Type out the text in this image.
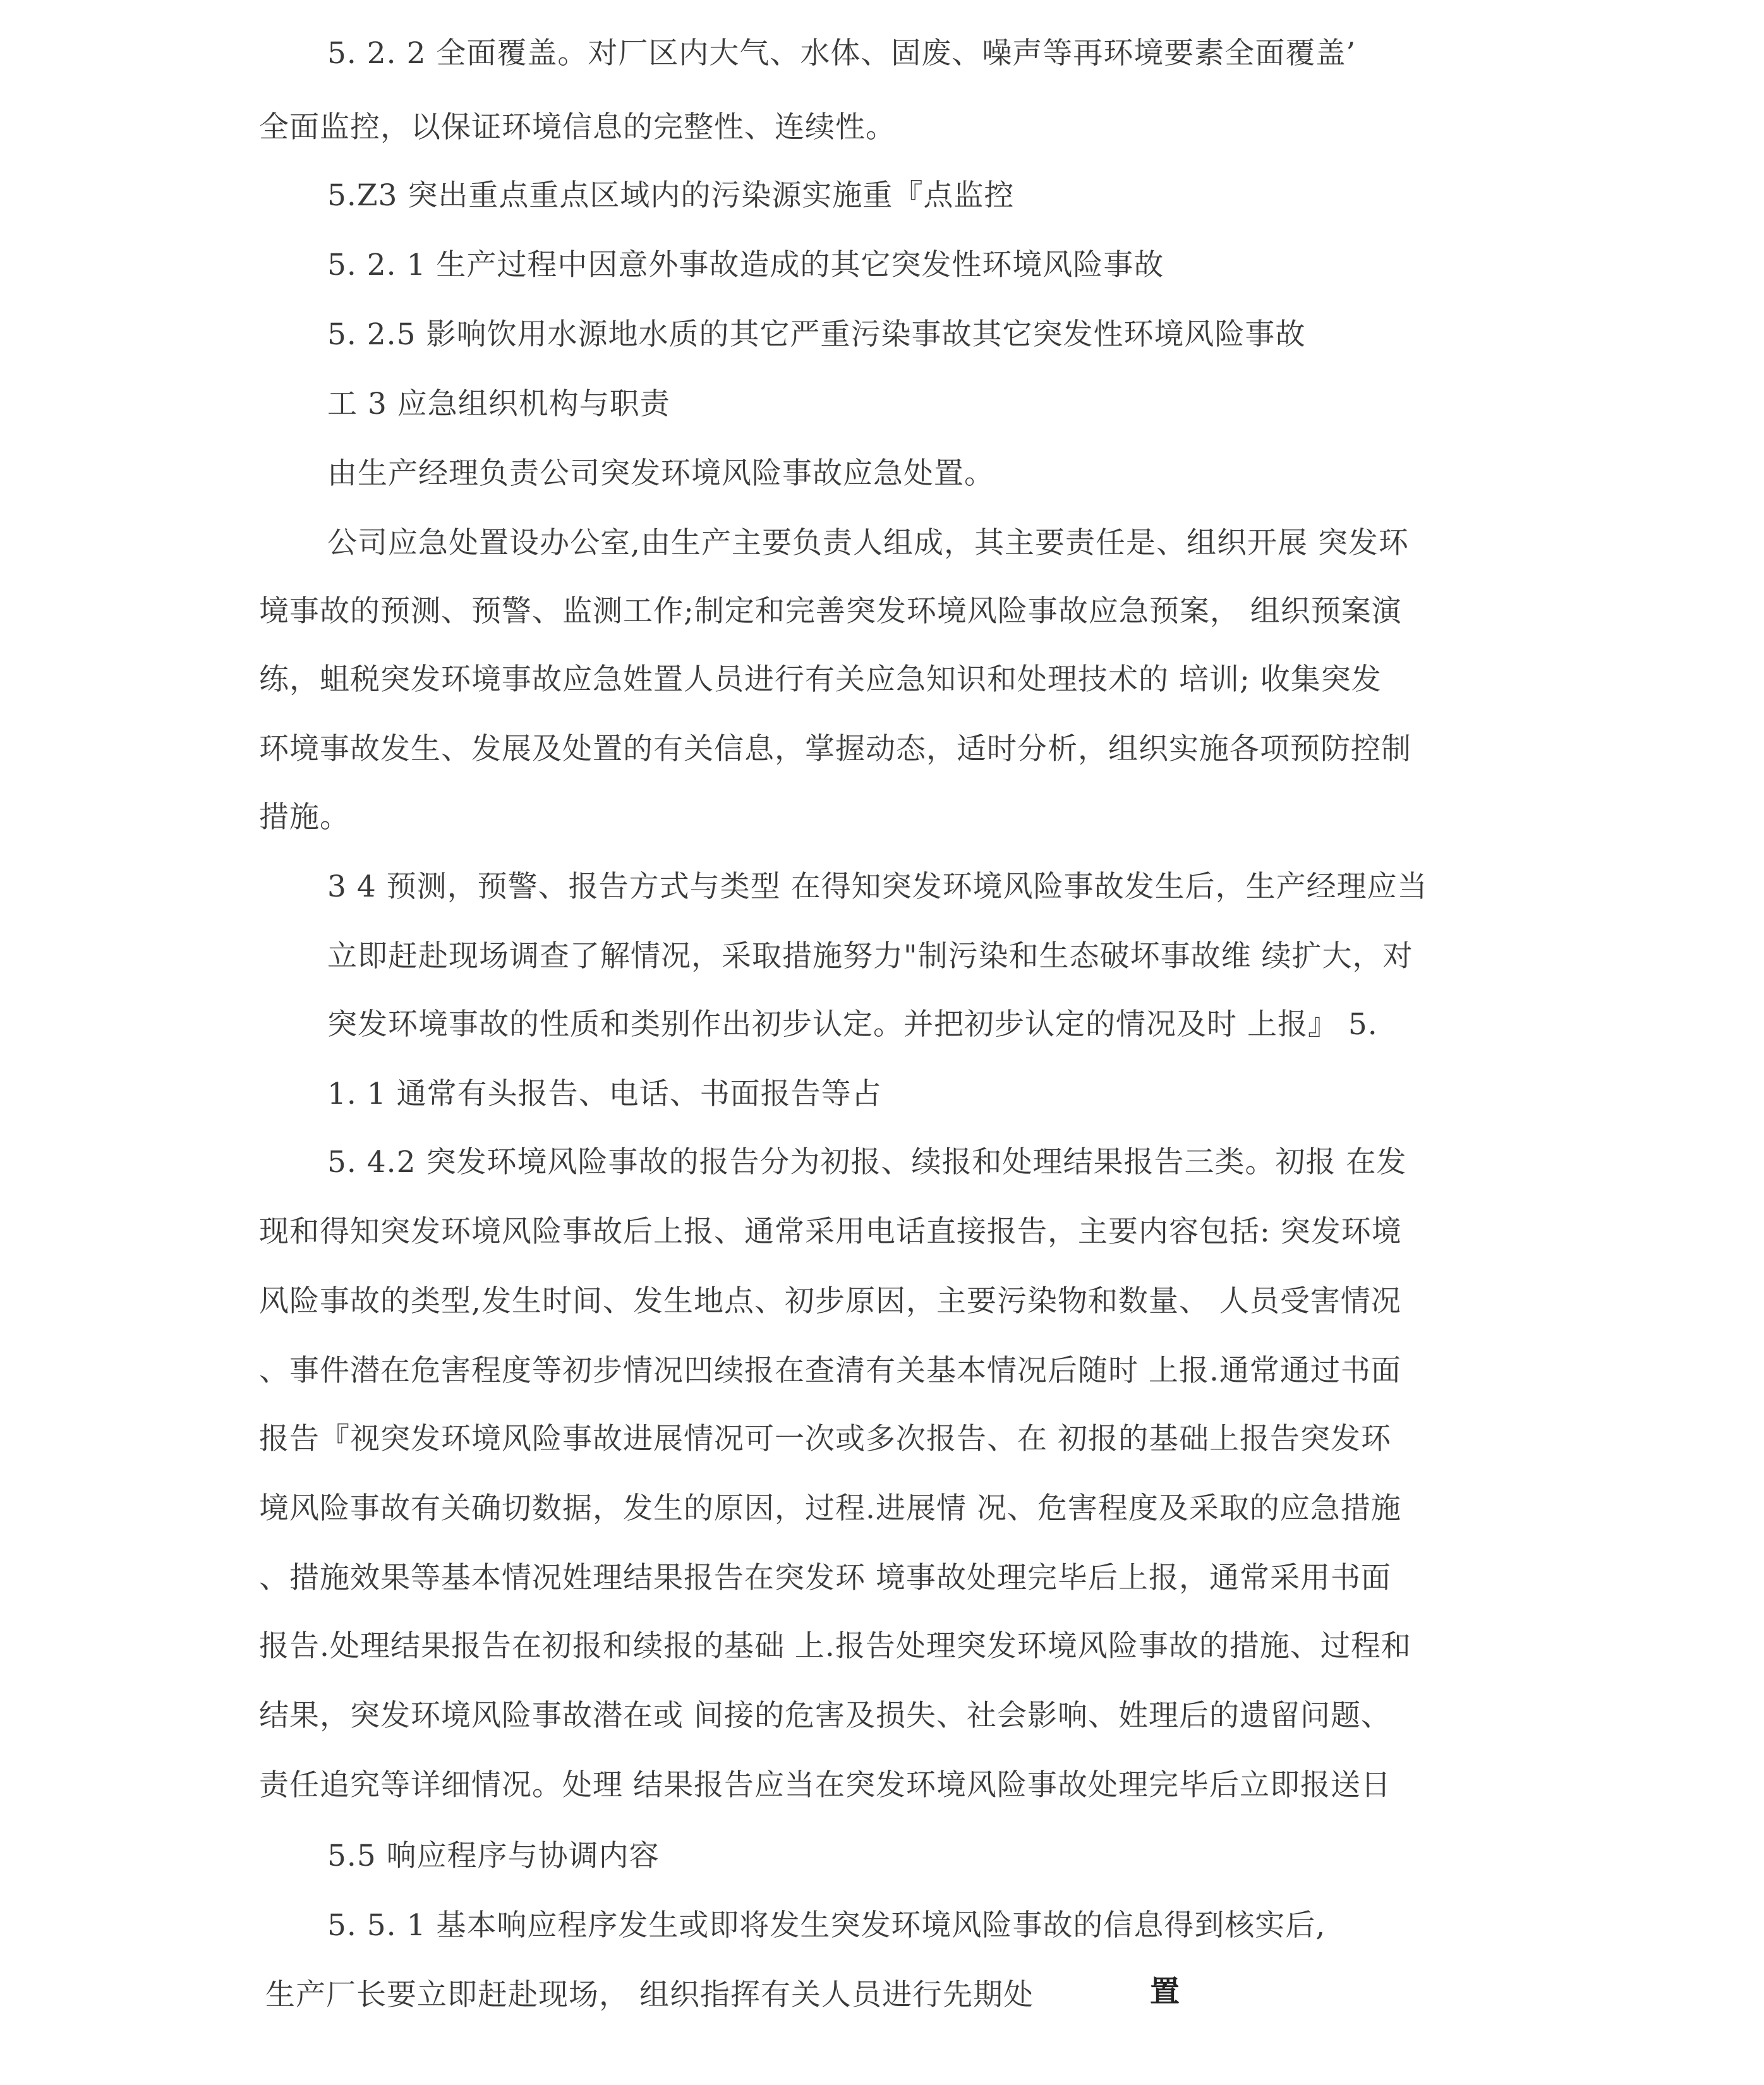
5. 2. 2 全面覆盖。对厂区内大气、水体、固废、噪声等再环境要素全面覆盖’
全面监控，以保证环境信息的完整性、连续性。
5.Z3 突出重点重点区域内的污染源实施重『点监控
5. 2. 1 生产过程中因意外事故造成的其它突发性环境风险事故
5. 2.5 影响饮用水源地水质的其它严重污染事故其它突发性环境风险事故
工 3 应急组织机构与职责
由生产经理负责公司突发环境风险事故应急处置。
公司应急处置设办公室,由生产主要负责人组成，其主要责任是、组织开展 突发环
境事故的预测、预警、监测工作;制定和完善突发环境风险事故应急预案， 组织预案演
练，蛆税突发环境事故应急姓置人员进行有关应急知识和处理技术的 培训; 收集突发
环境事故发生、发展及处置的有关信息，掌握动态，适时分析，组织实施各项预防控制
措施。
3 4 预测，预警、报告方式与类型 在得知突发环境风险事故发生后，生产经理应当
立即赶赴现场调查了解情况，采取措施努力"制污染和生态破坏事故维 续扩大，对
突发环境事故的性质和类别作出初步认定。并把初步认定的情况及时 上报』 5.
1. 1 通常有头报告、电话、书面报告等占
5. 4.2 突发环境风险事故的报告分为初报、续报和处理结果报告三类。初报 在发
现和得知突发环境风险事故后上报、通常采用电话直接报告，主要内容包括: 突发环境
风险事故的类型,发生时间、发生地点、初步原因，主要污染物和数量、 人员受害情况
、事件潜在危害程度等初步情况凹续报在查清有关基本情况后随时 上报.通常通过书面
报告『视突发环境风险事故进展情况可一次或多次报告、在 初报的基础上报告突发环
境风险事故有关确切数据，发生的原因，过程.进展情 况、危害程度及采取的应急措施
、措施效果等基本情况姓理结果报告在突发环 境事故处理完毕后上报，通常采用书面
报告.处理结果报告在初报和续报的基础 上.报告处理突发环境风险事故的措施、过程和
结果，突发环境风险事故潜在或 间接的危害及损失、社会影响、姓理后的遗留问题、
责任追究等详细情况。处理 结果报告应当在突发环境风险事故处理完毕后立即报送日
5.5 响应程序与协调内容
5. 5. 1 基本响应程序发生或即将发生突发环境风险事故的信息得到核实后,
生产厂长要立即赶赴现场， 组织指挥有关人员进行先期处	置
